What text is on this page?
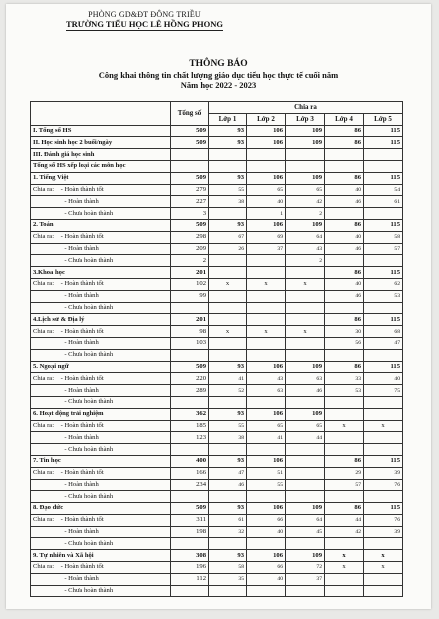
PHÒNG GD&ĐT ĐÔNG TRIỀU
TRƯỜNG TIỂU HỌC LÊ HỒNG PHONG
THÔNG BÁO
Công khai thông tin chất lượng giáo dục tiểu học thực tế cuối năm
Năm học 2022 - 2023
	Tổng số	Chia ra				
		Lớp 1	Lớp 2	Lớp 3	Lớp 4	Lớp 5
I. Tổng số HS	509	93	106	109	86	115
II. Học sinh học 2 buổi/ngày	509	93	106	109	86	115
III. Đánh giá học sinh						
Tổng số HS xếp loại các môn học						
1. Tiếng Việt	509	93	106	109	86	115
Chia ra:    - Hoàn thành tốt	279	55	65	65	40	54
- Hoàn thành	227	38	40	42	46	61
- Chưa hoàn thành	3		1	2		
2. Toán	509	93	106	109	86	115
Chia ra:    - Hoàn thành tốt	298	67	69	64	40	58
- Hoàn thành	209	26	37	43	46	57
- Chưa hoàn thành	2			2		
3.Khoa học	201				86	115
Chia ra:    - Hoàn thành tốt	102	x	x	x	40	62
- Hoàn thành	99				46	53
- Chưa hoàn thành						
4.Lịch sử & Địa lý	201				86	115
Chia ra:    - Hoàn thành tốt	98	x	x	x	30	68
- Hoàn thành	103				56	47
- Chưa hoàn thành						
5. Ngoại ngữ	509	93	106	109	86	115
Chia ra:    - Hoàn thành tốt	220	41	43	63	33	40
- Hoàn thành	289	52	63	46	53	75
- Chưa hoàn thành						
6. Hoạt động trải nghiệm	362	93	106	109		
Chia ra:    - Hoàn thành tốt	185	55	65	65	x	x
- Hoàn thành	123	38	41	44		
- Chưa hoàn thành						
7. Tin học	400	93	106		86	115
Chia ra:    - Hoàn thành tốt	166	47	51		29	39
- Hoàn thành	234	46	55		57	76
- Chưa hoàn thành						
8. Đạo đức	509	93	106	109	86	115
Chia ra:    - Hoàn thành tốt	311	61	66	64	44	76
- Hoàn thành	198	32	40	45	42	39
- Chưa hoàn thành						
9. Tự nhiên và Xã hội	308	93	106	109	x	x
Chia ra:    - Hoàn thành tốt	196	58	66	72	x	x
- Hoàn thành	112	35	40	37		
- Chưa hoàn thành						
